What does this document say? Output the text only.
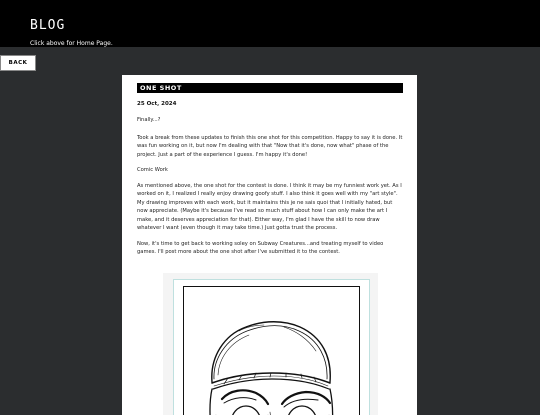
BLOG
Click above for Home Page.
BACK
ONE SHOT
25 Oct, 2024

Finally...?

Took a break from these updates to finish this one shot for this competition. Happy to say it is done. It was fun working on it, but now I'm dealing with that "Now that it's done, now what" phase of the project. Just a part of the experience I guess. I'm happy it's done!

Comic Work

As mentioned above, the one shot for the contest is done. I think it may be my funniest work yet. As I worked on it, I realized I really enjoy drawing goofy stuff. I also think it goes well with my "art style". My drawing improves with each work, but it maintains this je ne sais quoi that I initially hated, but now appreciate. (Maybe it's because I've read so much stuff about how I can only make the art I make, and it deserves appreciation for that). Either way, I'm glad I have the skill to now draw whatever I want (even though it may take time.) Just gotta trust the process.

Now, it's time to get back to working soley on Subway Creatures...and treating myself to video games. I'll post more about the one shot after I've submitted it to the contest.
